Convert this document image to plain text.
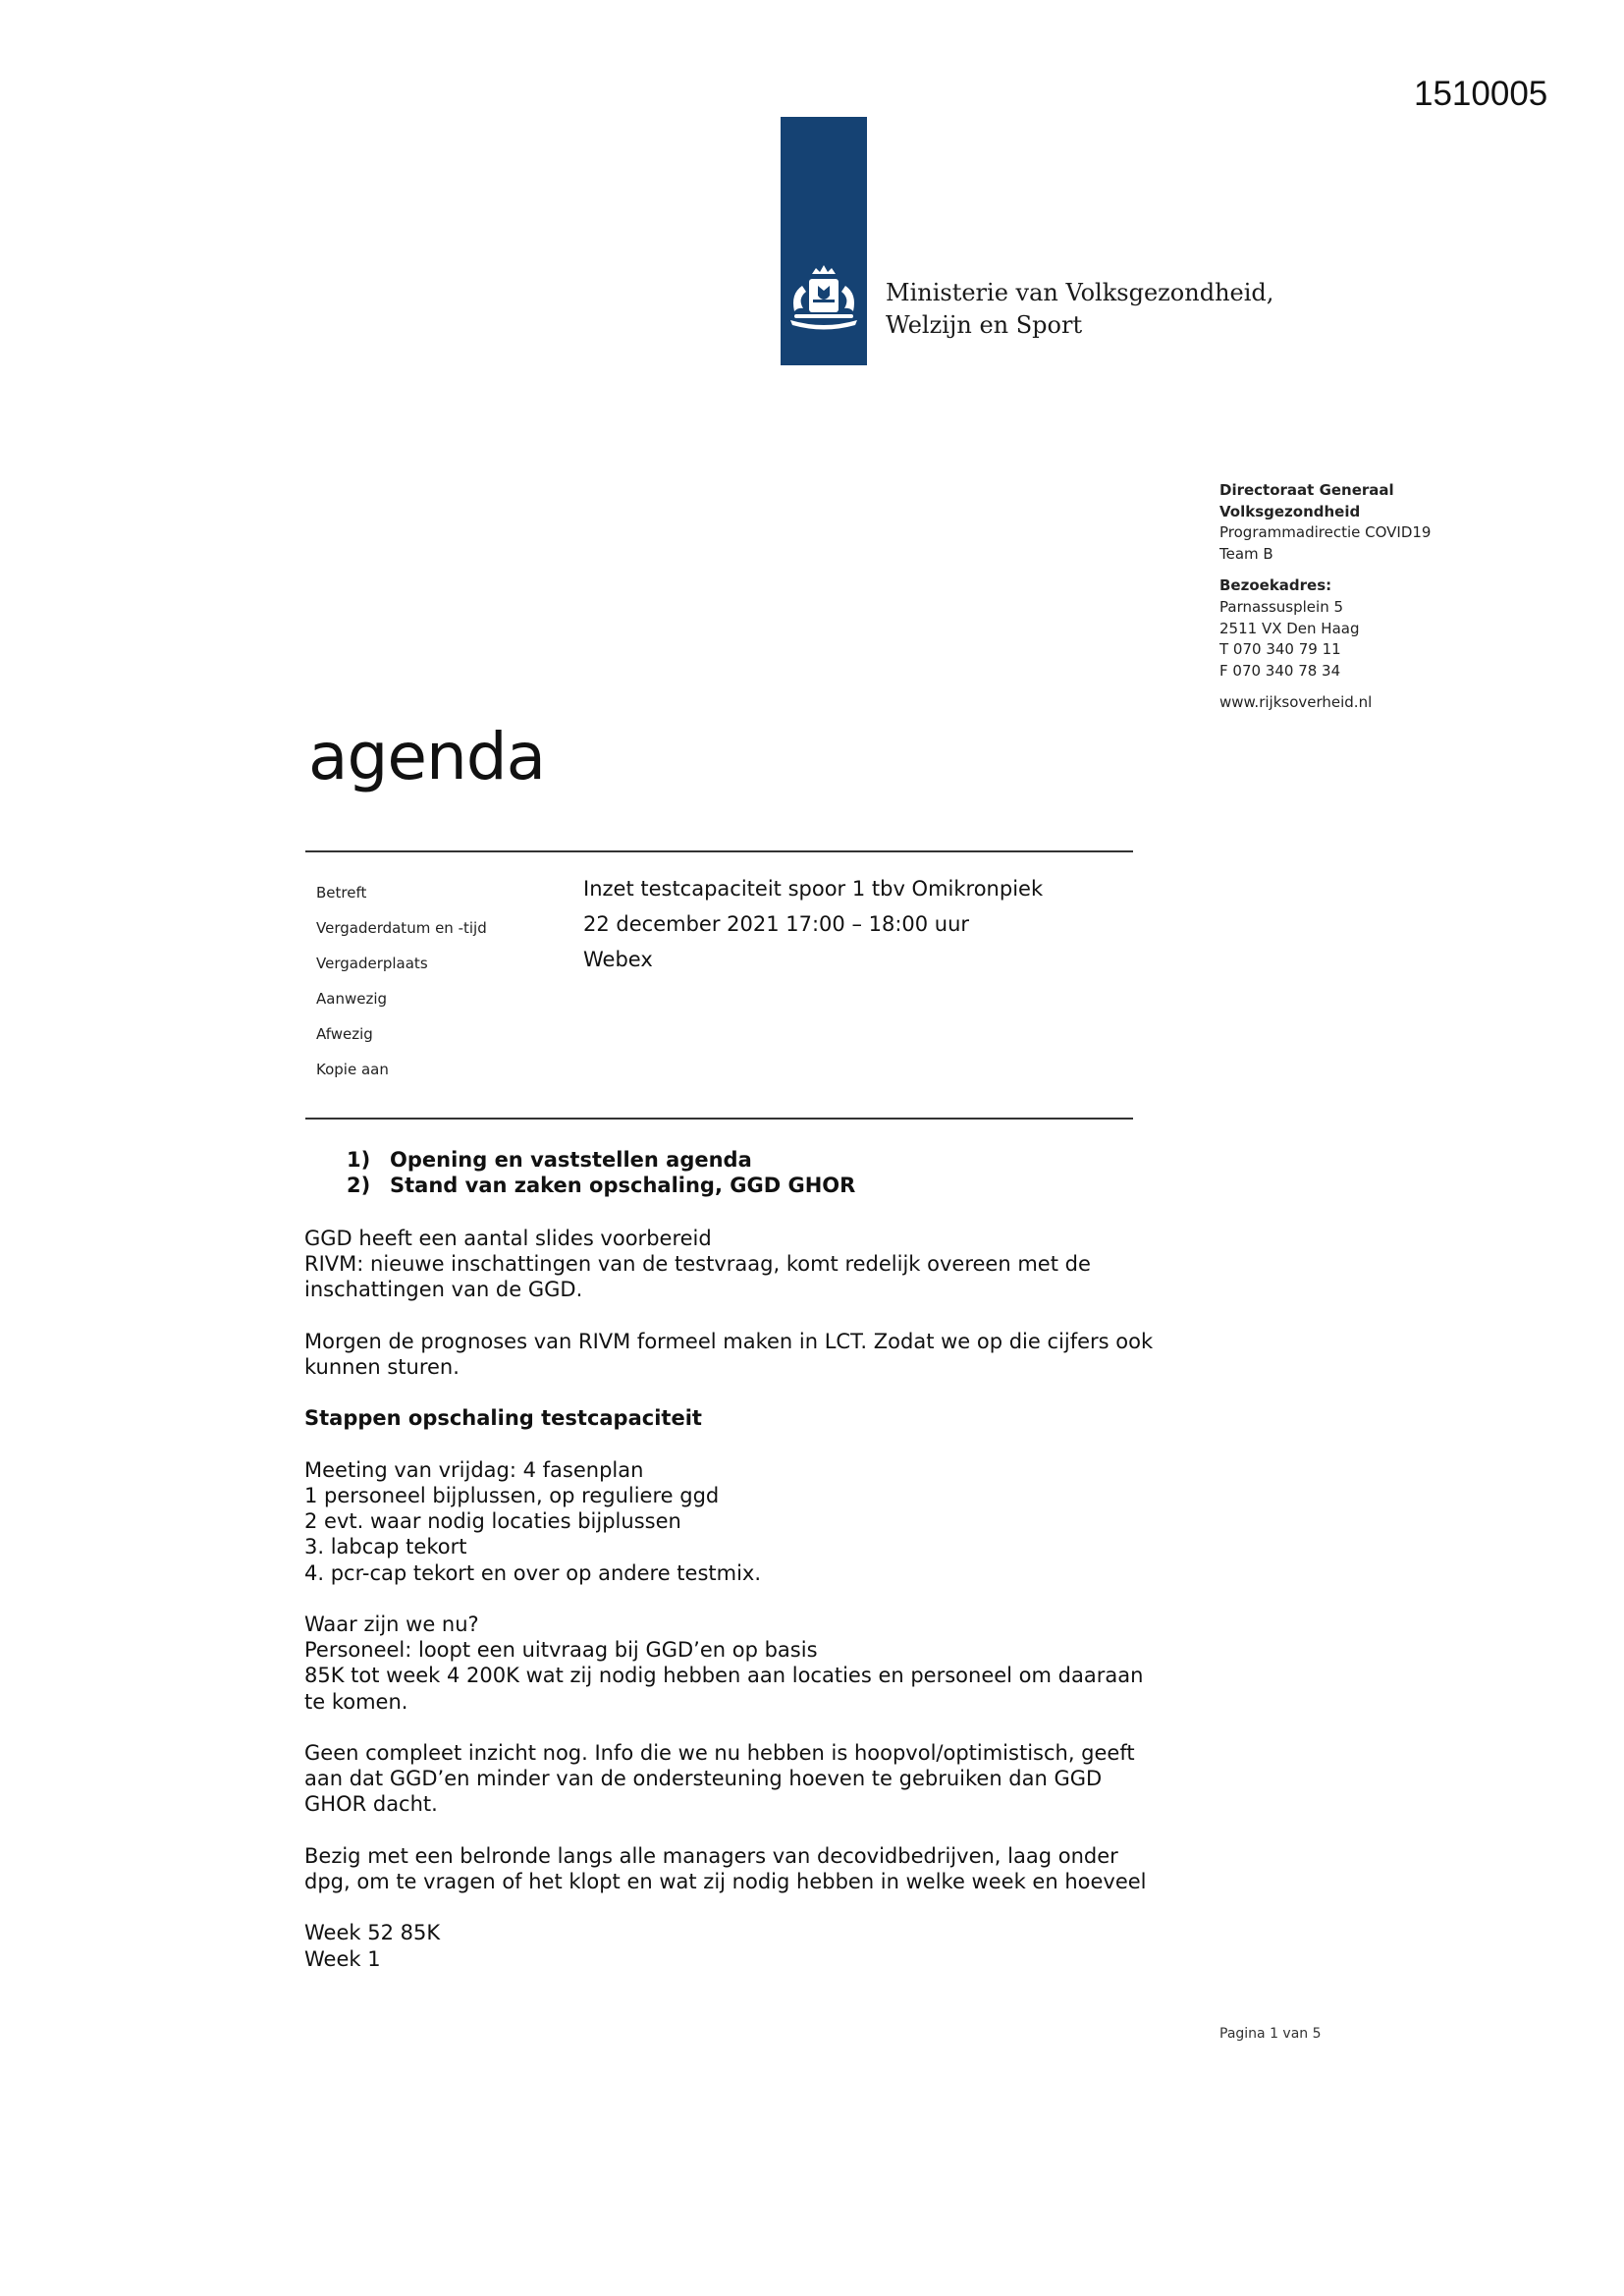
1510005
Ministerie van Volksgezondheid,
Welzijn en Sport
Directoraat Generaal
Volksgezondheid
Programmadirectie COVID19
Team B
Bezoekadres:
Parnassusplein 5
2511 VX Den Haag
T 070 340 79 11
F 070 340 78 34
www.rijksoverheid.nl
agenda
Betreft	Inzet testcapaciteit spoor 1 tbv Omikronpiek
Vergaderdatum en -tijd	22 december 2021 17:00 – 18:00 uur
Vergaderplaats	Webex
Aanwezig
Afwezig
Kopie aan
1) Opening en vaststellen agenda
2) Stand van zaken opschaling, GGD GHOR

GGD heeft een aantal slides voorbereid
RIVM: nieuwe inschattingen van de testvraag, komt redelijk overeen met de
inschattingen van de GGD.

Morgen de prognoses van RIVM formeel maken in LCT. Zodat we op die cijfers ook
kunnen sturen.

Stappen opschaling testcapaciteit

Meeting van vrijdag: 4 fasenplan
1 personeel bijplussen, op reguliere ggd
2 evt. waar nodig locaties bijplussen
3. labcap tekort
4. pcr-cap tekort en over op andere testmix.

Waar zijn we nu?
Personeel: loopt een uitvraag bij GGD’en op basis
85K tot week 4 200K wat zij nodig hebben aan locaties en personeel om daaraan
te komen.

Geen compleet inzicht nog. Info die we nu hebben is hoopvol/optimistisch, geeft
aan dat GGD’en minder van de ondersteuning hoeven te gebruiken dan GGD
GHOR dacht.

Bezig met een belronde langs alle managers van decovidbedrijven, laag onder
dpg, om te vragen of het klopt en wat zij nodig hebben in welke week en hoeveel

Week 52 85K
Week 1

Pagina 1 van 5
